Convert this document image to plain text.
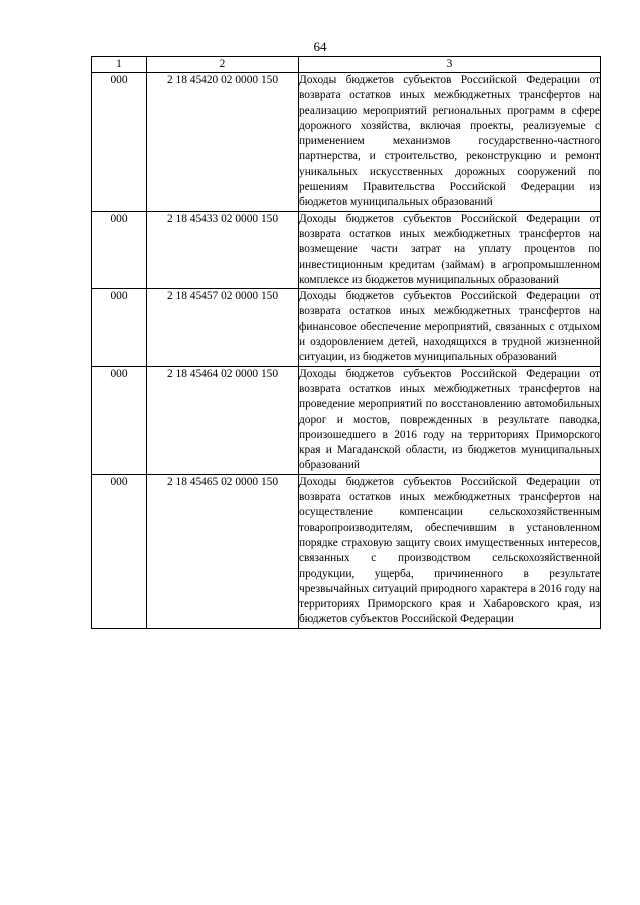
64
1	2	3
000	2 18 45420 02 0000 150	Доходы бюджетов субъектов Российской Федерации от возврата остатков иных межбюджетных трансфертов на реализацию мероприятий региональных программ в сфере дорожного хозяйства, включая проекты, реализуемые с применением механизмов государственно-частного партнерства, и строительство, реконструкцию и ремонт уникальных искусственных дорожных сооружений по решениям Правительства Российской Федерации из бюджетов муниципальных образований
000	2 18 45433 02 0000 150	Доходы бюджетов субъектов Российской Федерации от возврата остатков иных межбюджетных трансфертов на возмещение части затрат на уплату процентов по инвестиционным кредитам (займам) в агропромышленном комплексе из бюджетов муниципальных образований
000	2 18 45457 02 0000 150	Доходы бюджетов субъектов Российской Федерации от возврата остатков иных межбюджетных трансфертов на финансовое обеспечение мероприятий, связанных с отдыхом и оздоровлением детей, находящихся в трудной жизненной ситуации, из бюджетов муниципальных образований
000	2 18 45464 02 0000 150	Доходы бюджетов субъектов Российской Федерации от возврата остатков иных межбюджетных трансфертов на проведение мероприятий по восстановлению автомобильных дорог и мостов, поврежденных в результате паводка, произошедшего в 2016 году на территориях Приморского края и Магаданской области, из бюджетов муниципальных образований
000	2 18 45465 02 0000 150	Доходы бюджетов субъектов Российской Федерации от возврата остатков иных межбюджетных трансфертов на осуществление компенсации сельскохозяйственным товаропроизводителям, обеспечившим в установленном порядке страховую защиту своих имущественных интересов, связанных с производством сельскохозяйственной продукции, ущерба, причиненного в результате чрезвычайных ситуаций природного характера в 2016 году на территориях Приморского края и Хабаровского края, из бюджетов субъектов Российской Федерации
